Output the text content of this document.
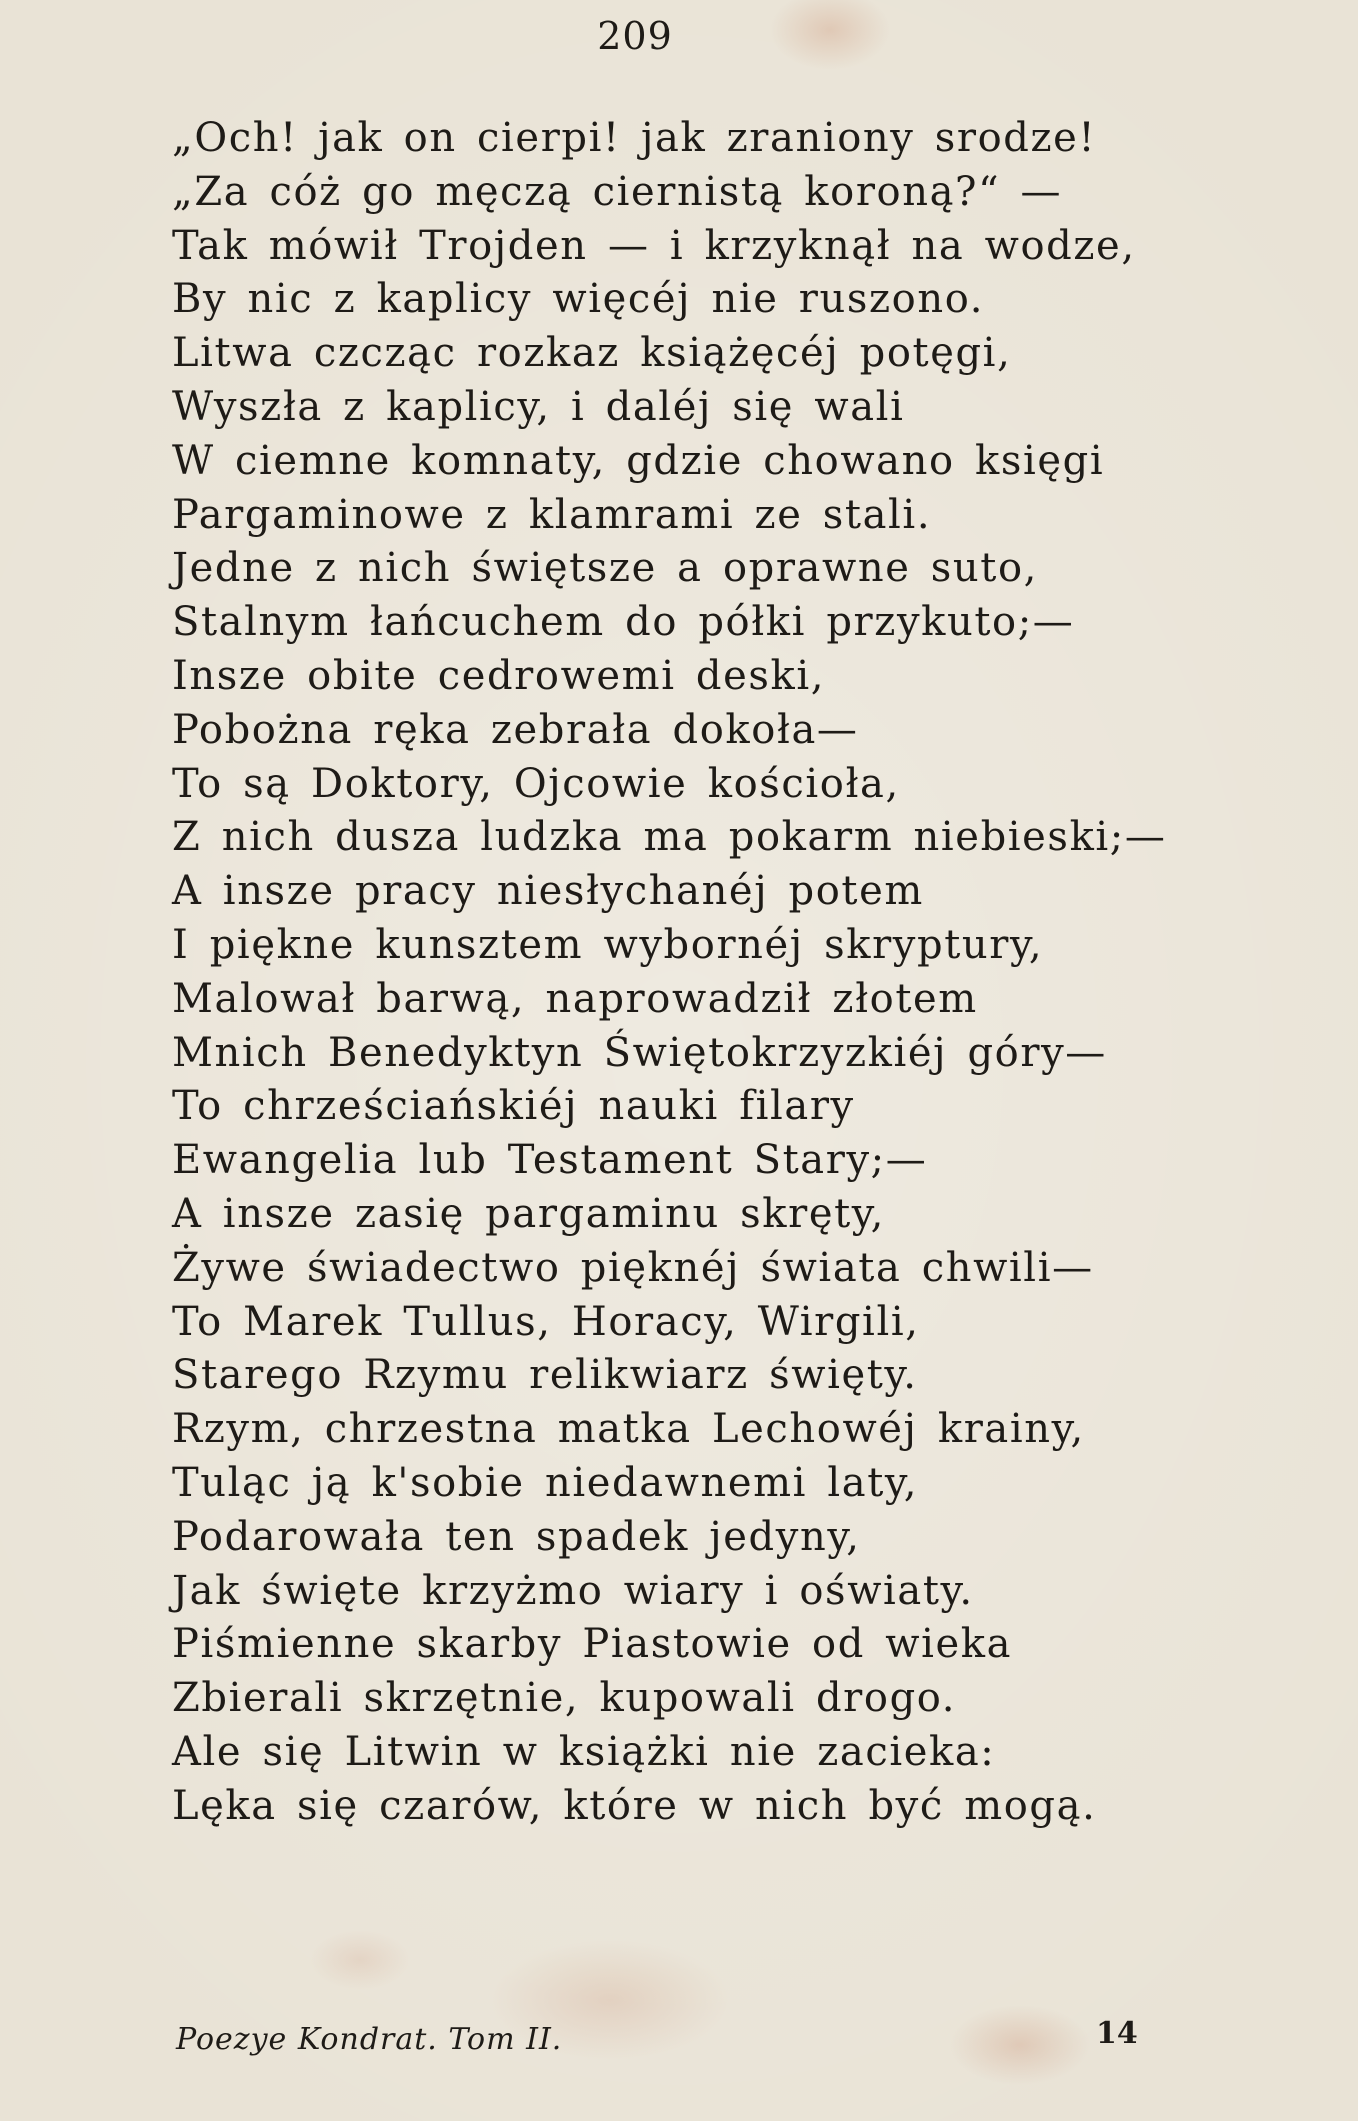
209
„Och! jak on cierpi! jak zraniony srodze!
„Za cóż go męczą ciernistą koroną?“ —
Tak mówił Trojden — i krzyknął na wodze,
By nic z kaplicy więcéj nie ruszono.
Litwa czcząc rozkaz książęcéj potęgi,
Wyszła z kaplicy, i daléj się wali
W ciemne komnaty, gdzie chowano księgi
Pargaminowe z klamrami ze stali.
Jedne z nich świętsze a oprawne suto,
Stalnym łańcuchem do półki przykuto;—
Insze obite cedrowemi deski,
Pobożna ręka zebrała dokoła—
To są Doktory, Ojcowie kościoła,
Z nich dusza ludzka ma pokarm niebieski;—
A insze pracy niesłychanéj potem
I piękne kunsztem wybornéj skryptury,
Malował barwą, naprowadził złotem
Mnich Benedyktyn Świętokrzyzkiéj góry—
To chrześciańskiéj nauki filary
Ewangelia lub Testament Stary;—
A insze zasię pargaminu skręty,
Żywe świadectwo pięknéj świata chwili—
To Marek Tullus, Horacy, Wirgili,
Starego Rzymu relikwiarz święty.
Rzym, chrzestna matka Lechowéj krainy,
Tuląc ją k'sobie niedawnemi laty,
Podarowała ten spadek jedyny,
Jak święte krzyżmo wiary i oświaty.
Piśmienne skarby Piastowie od wieka
Zbierali skrzętnie, kupowali drogo.
Ale się Litwin w książki nie zacieka:
Lęka się czarów, które w nich być mogą.
Poezye Kondrat. Tom II.	14
